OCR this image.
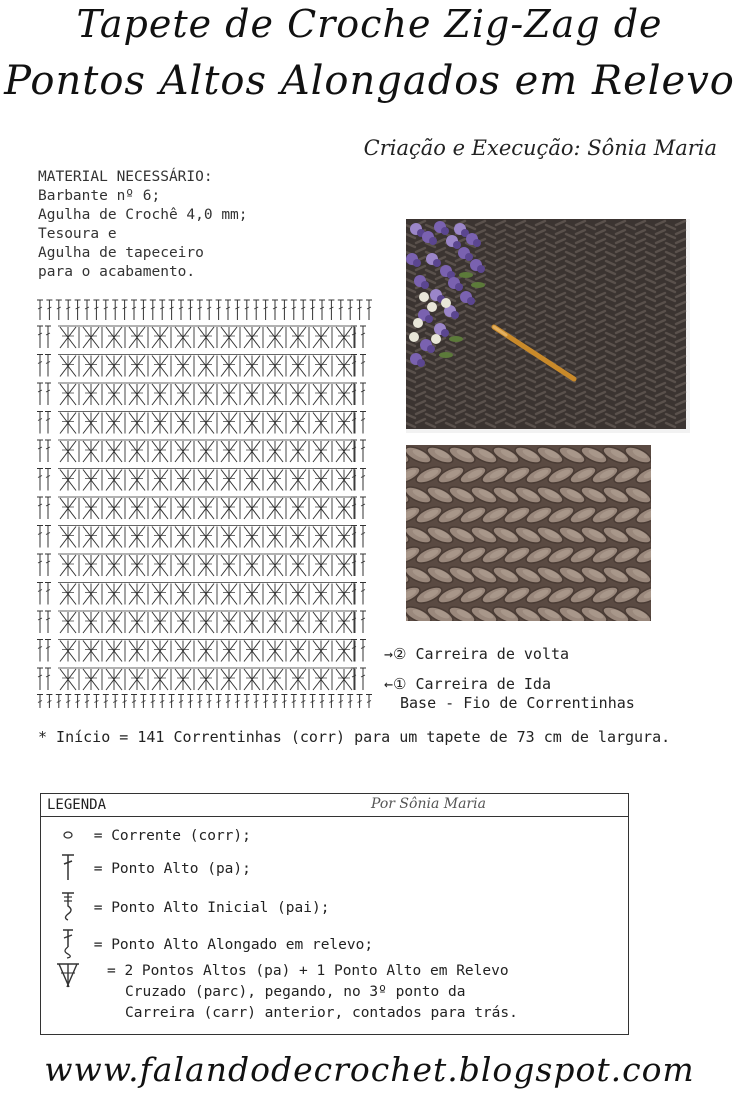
Tapete de Croche Zig-Zag de
Pontos Altos Alongados em Relevo
Criação e Execução: Sônia Maria
MATERIAL NECESSÁRIO:
Barbante nº 6;
Agulha de Crochê 4,0 mm;
Tesoura e
Agulha de tapeceiro
para o acabamento.
→② Carreira de volta
←① Carreira de Ida
Base - Fio de Correntinhas
* Início = 141 Correntinhas (corr) para um tapete de 73 cm de largura.
LEGENDA	Por Sônia Maria
= Corrente (corr);
= Ponto Alto (pa);
= Ponto Alto Inicial (pai);
= Ponto Alto Alongado em relevo;
= 2 Pontos Altos (pa) + 1 Ponto Alto em Relevo
Cruzado (parc), pegando, no 3º ponto da
Carreira (carr) anterior, contados para trás.
www.falandodecrochet.blogspot.com
